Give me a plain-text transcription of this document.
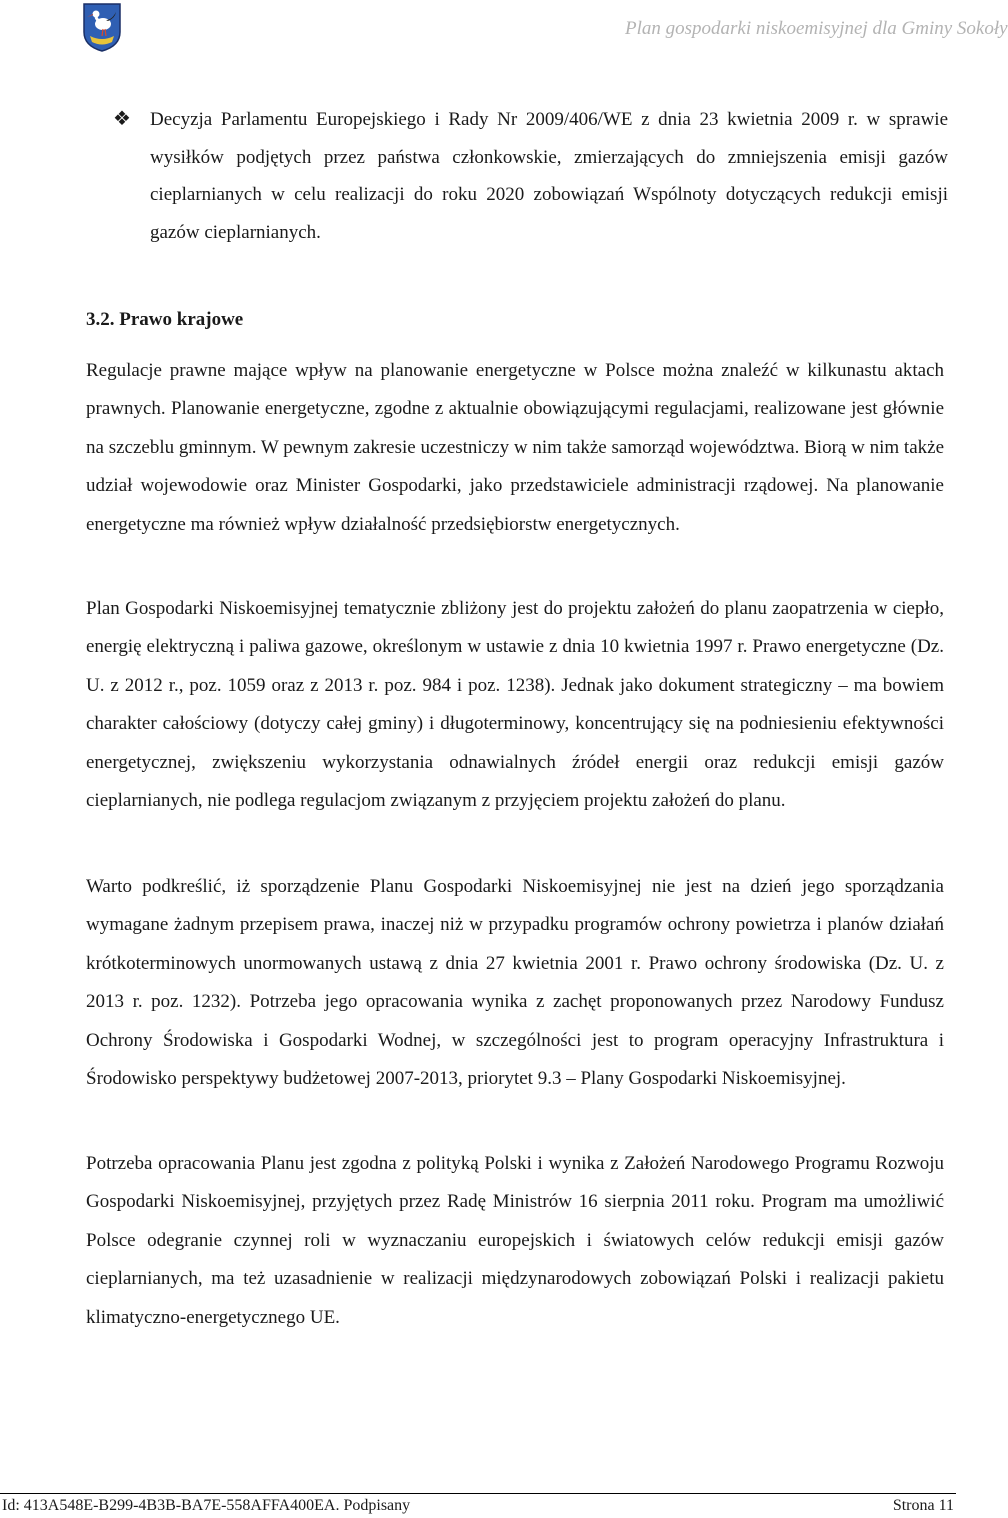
Plan gospodarki niskoemisyjnej dla Gminy Sokoły
❖ Decyzja Parlamentu Europejskiego i Rady Nr 2009/406/WE z dnia 23 kwietnia 2009 r. w sprawie wysiłków podjętych przez państwa członkowskie, zmierzających do zmniejszenia emisji gazów cieplarnianych w celu realizacji do roku 2020 zobowiązań Wspólnoty dotyczących redukcji emisji gazów cieplarnianych.
3.2. Prawo krajowe
Regulacje prawne mające wpływ na planowanie energetyczne w Polsce można znaleźć w kilkunastu aktach prawnych. Planowanie energetyczne, zgodne z aktualnie obowiązującymi regulacjami, realizowane jest głównie na szczeblu gminnym. W pewnym zakresie uczestniczy w nim także samorząd województwa. Biorą w nim także udział wojewodowie oraz Minister Gospodarki, jako przedstawiciele administracji rządowej. Na planowanie energetyczne ma również wpływ działalność przedsiębiorstw energetycznych.
Plan Gospodarki Niskoemisyjnej tematycznie zbliżony jest do projektu założeń do planu zaopatrzenia w ciepło, energię elektryczną i paliwa gazowe, określonym w ustawie z dnia 10 kwietnia 1997 r. Prawo energetyczne (Dz. U. z 2012 r., poz. 1059 oraz z 2013 r. poz. 984 i poz. 1238). Jednak jako dokument strategiczny – ma bowiem charakter całościowy (dotyczy całej gminy) i długoterminowy, koncentrujący się na podniesieniu efektywności energetycznej, zwiększeniu wykorzystania odnawialnych źródeł energii oraz redukcji emisji gazów cieplarnianych, nie podlega regulacjom związanym z przyjęciem projektu założeń do planu.
Warto podkreślić, iż sporządzenie Planu Gospodarki Niskoemisyjnej nie jest na dzień jego sporządzania wymagane żadnym przepisem prawa, inaczej niż w przypadku programów ochrony powietrza i planów działań krótkoterminowych unormowanych ustawą z dnia 27 kwietnia 2001 r. Prawo ochrony środowiska (Dz. U. z 2013 r. poz. 1232). Potrzeba jego opracowania wynika z zachęt proponowanych przez Narodowy Fundusz Ochrony Środowiska i Gospodarki Wodnej, w szczególności jest to program operacyjny Infrastruktura i Środowisko perspektywy budżetowej 2007-2013, priorytet 9.3 – Plany Gospodarki Niskoemisyjnej.
Potrzeba opracowania Planu jest zgodna z polityką Polski i wynika z Założeń Narodowego Programu Rozwoju Gospodarki Niskoemisyjnej, przyjętych przez Radę Ministrów 16 sierpnia 2011 roku. Program ma umożliwić Polsce odegranie czynnej roli w wyznaczaniu europejskich i światowych celów redukcji emisji gazów cieplarnianych, ma też uzasadnienie w realizacji międzynarodowych zobowiązań Polski i realizacji pakietu klimatyczno-energetycznego UE.
Id: 413A548E-B299-4B3B-BA7E-558AFFA400EA. Podpisany	Strona 11
